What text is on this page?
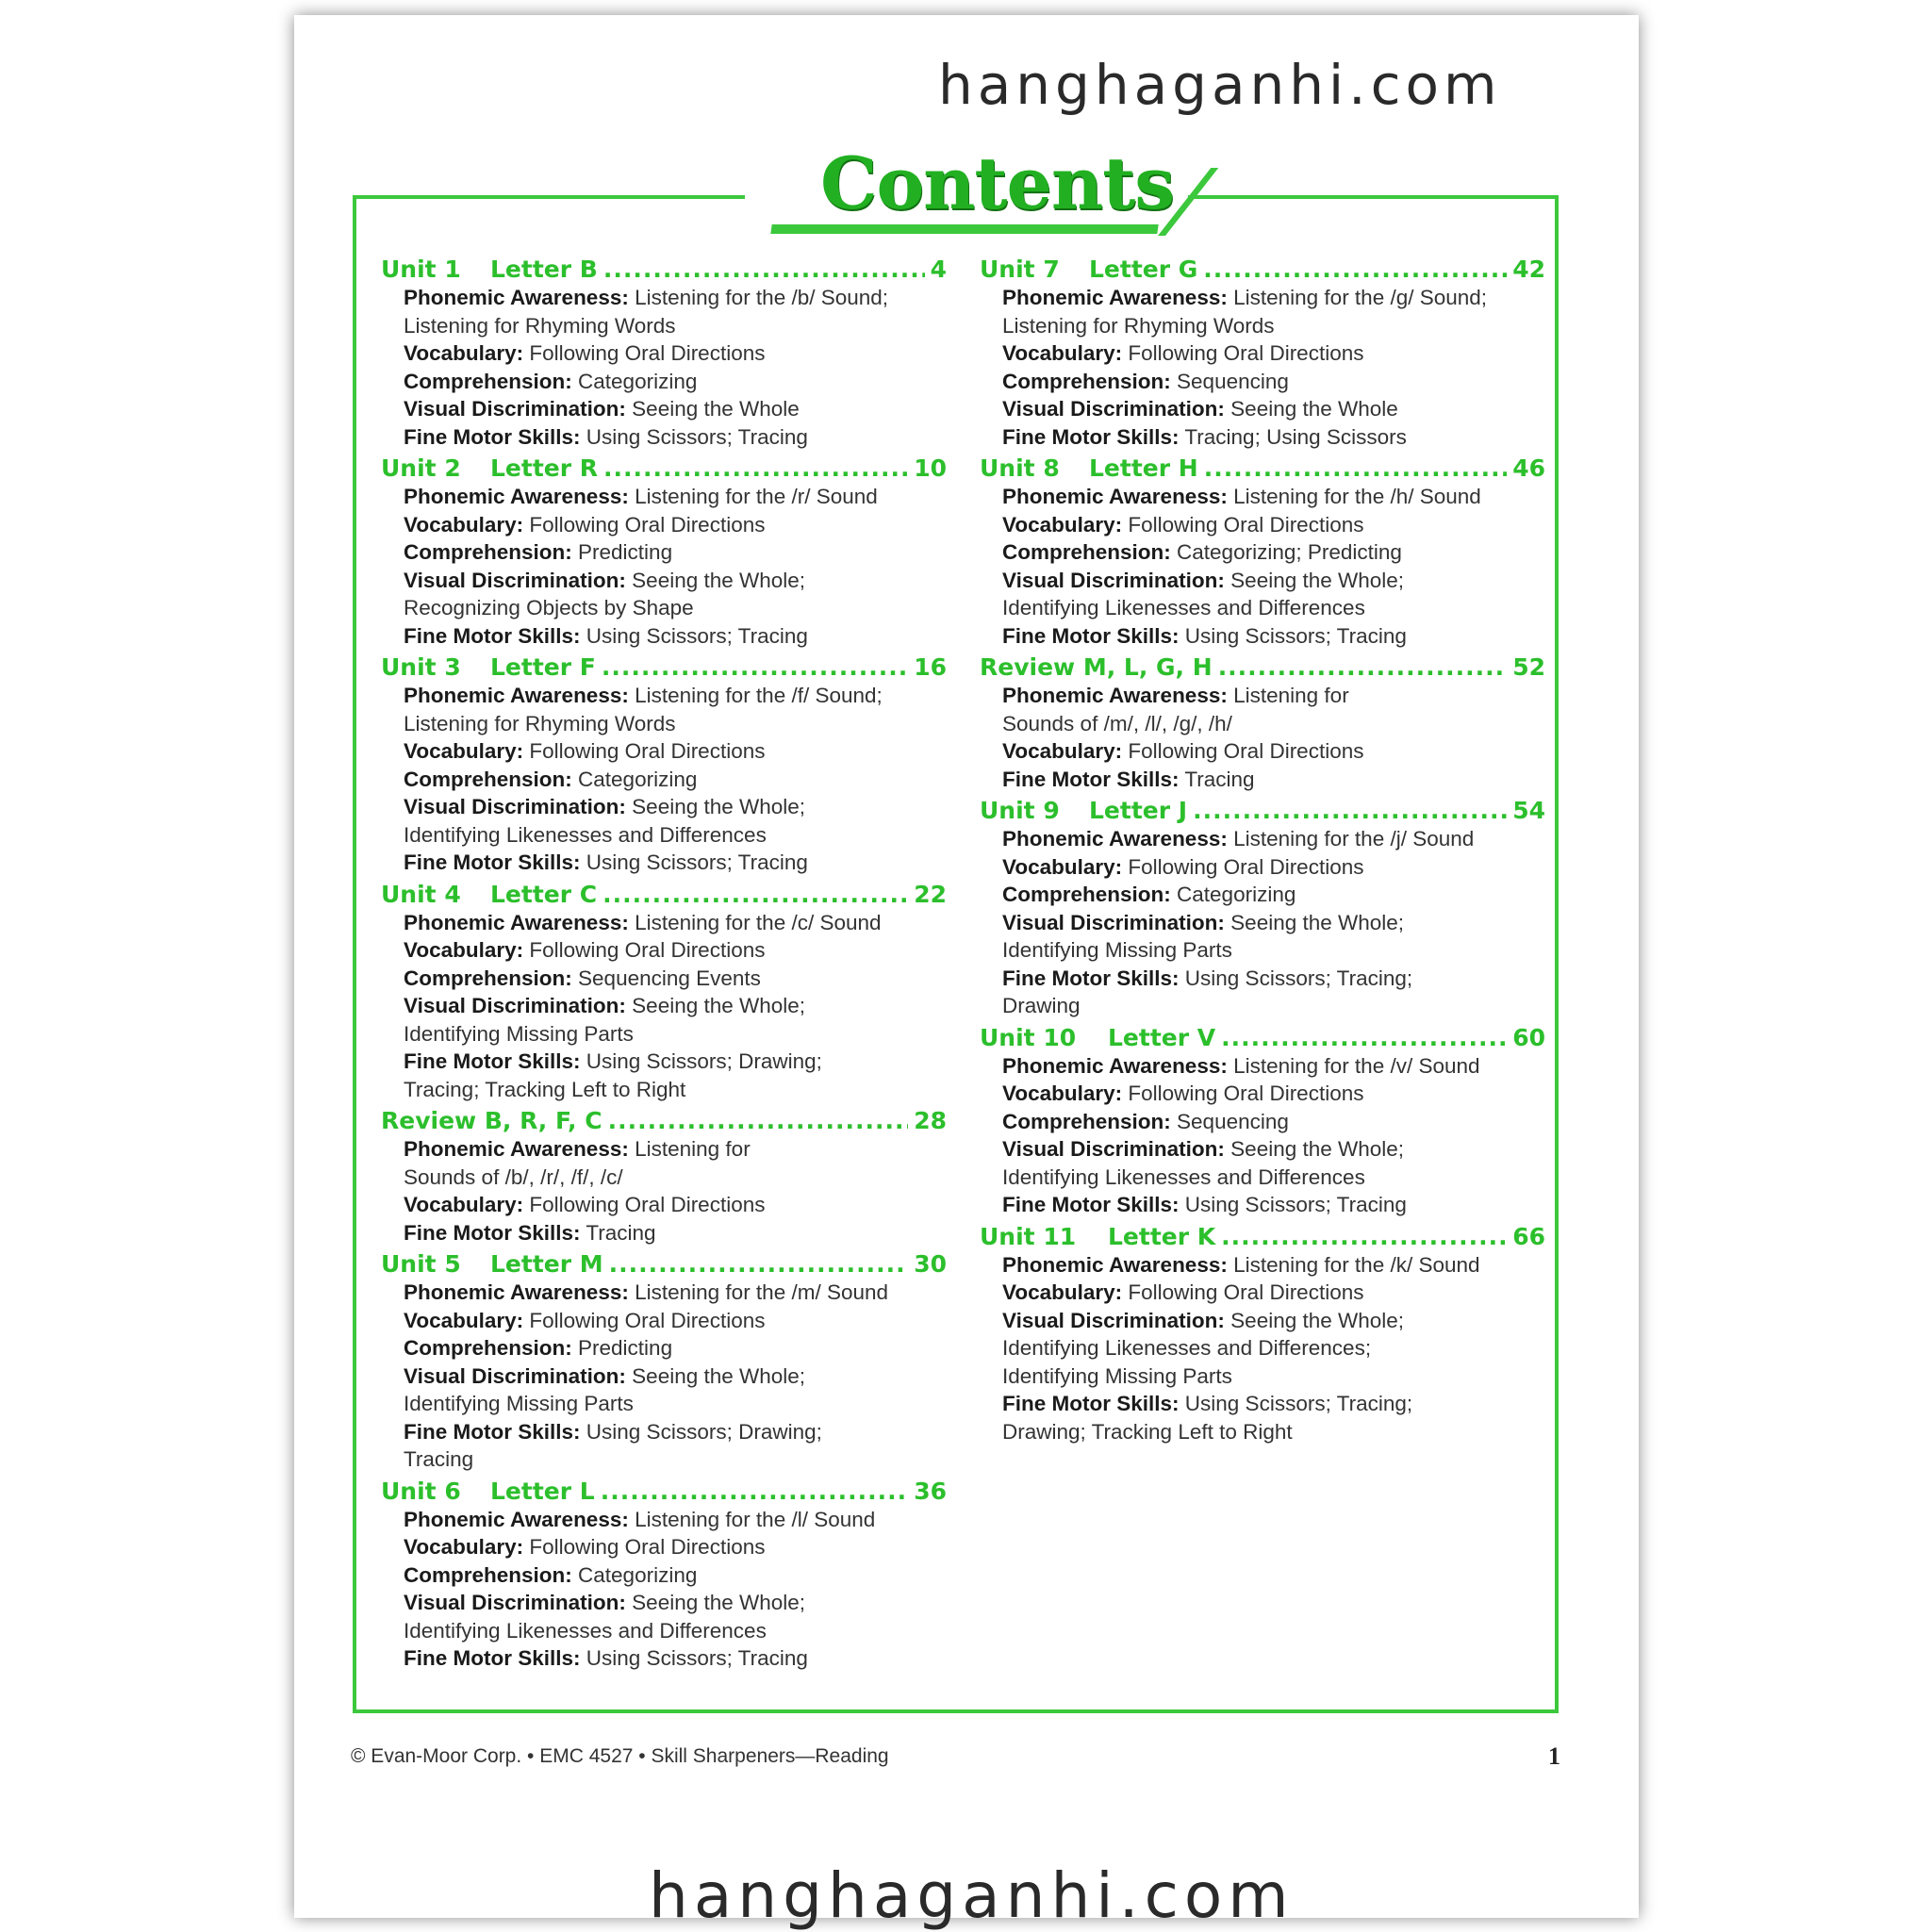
hanghaganhi.com
Contents
Unit 1	Letter B .....	4
Phonemic Awareness: Listening for the /b/ Sound;
Listening for Rhyming Words
Vocabulary: Following Oral Directions
Comprehension: Categorizing
Visual Discrimination: Seeing the Whole
Fine Motor Skills: Using Scissors; Tracing
Unit 2	Letter R .....	10
Phonemic Awareness: Listening for the /r/ Sound
Vocabulary: Following Oral Directions
Comprehension: Predicting
Visual Discrimination: Seeing the Whole;
Recognizing Objects by Shape
Fine Motor Skills: Using Scissors; Tracing
Unit 3	Letter F .....	16
Phonemic Awareness: Listening for the /f/ Sound;
Listening for Rhyming Words
Vocabulary: Following Oral Directions
Comprehension: Categorizing
Visual Discrimination: Seeing the Whole;
Identifying Likenesses and Differences
Fine Motor Skills: Using Scissors; Tracing
Unit 4	Letter C .....	22
Phonemic Awareness: Listening for the /c/ Sound
Vocabulary: Following Oral Directions
Comprehension: Sequencing Events
Visual Discrimination: Seeing the Whole;
Identifying Missing Parts
Fine Motor Skills: Using Scissors; Drawing;
Tracing; Tracking Left to Right
Review B, R, F, C .....	28
Phonemic Awareness: Listening for
Sounds of /b/, /r/, /f/, /c/
Vocabulary: Following Oral Directions
Fine Motor Skills: Tracing
Unit 5	Letter M .....	30
Phonemic Awareness: Listening for the /m/ Sound
Vocabulary: Following Oral Directions
Comprehension: Predicting
Visual Discrimination: Seeing the Whole;
Identifying Missing Parts
Fine Motor Skills: Using Scissors; Drawing;
Tracing
Unit 6	Letter L .....	36
Phonemic Awareness: Listening for the /l/ Sound
Vocabulary: Following Oral Directions
Comprehension: Categorizing
Visual Discrimination: Seeing the Whole;
Identifying Likenesses and Differences
Fine Motor Skills: Using Scissors; Tracing
Unit 7	Letter G .....	42
Phonemic Awareness: Listening for the /g/ Sound;
Listening for Rhyming Words
Vocabulary: Following Oral Directions
Comprehension: Sequencing
Visual Discrimination: Seeing the Whole
Fine Motor Skills: Tracing; Using Scissors
Unit 8	Letter H .....	46
Phonemic Awareness: Listening for the /h/ Sound
Vocabulary: Following Oral Directions
Comprehension: Categorizing; Predicting
Visual Discrimination: Seeing the Whole;
Identifying Likenesses and Differences
Fine Motor Skills: Using Scissors; Tracing
Review M, L, G, H .....	52
Phonemic Awareness: Listening for
Sounds of /m/, /l/, /g/, /h/
Vocabulary: Following Oral Directions
Fine Motor Skills: Tracing
Unit 9	Letter J .....	54
Phonemic Awareness: Listening for the /j/ Sound
Vocabulary: Following Oral Directions
Comprehension: Categorizing
Visual Discrimination: Seeing the Whole;
Identifying Missing Parts
Fine Motor Skills: Using Scissors; Tracing;
Drawing
Unit 10	Letter V .....	60
Phonemic Awareness: Listening for the /v/ Sound
Vocabulary: Following Oral Directions
Comprehension: Sequencing
Visual Discrimination: Seeing the Whole;
Identifying Likenesses and Differences
Fine Motor Skills: Using Scissors; Tracing
Unit 11	Letter K .....	66
Phonemic Awareness: Listening for the /k/ Sound
Vocabulary: Following Oral Directions
Visual Discrimination: Seeing the Whole;
Identifying Likenesses and Differences;
Identifying Missing Parts
Fine Motor Skills: Using Scissors; Tracing;
Drawing; Tracking Left to Right
© Evan-Moor Corp. • EMC 4527 • Skill Sharpeners—Reading	1
hanghaganhi.com
